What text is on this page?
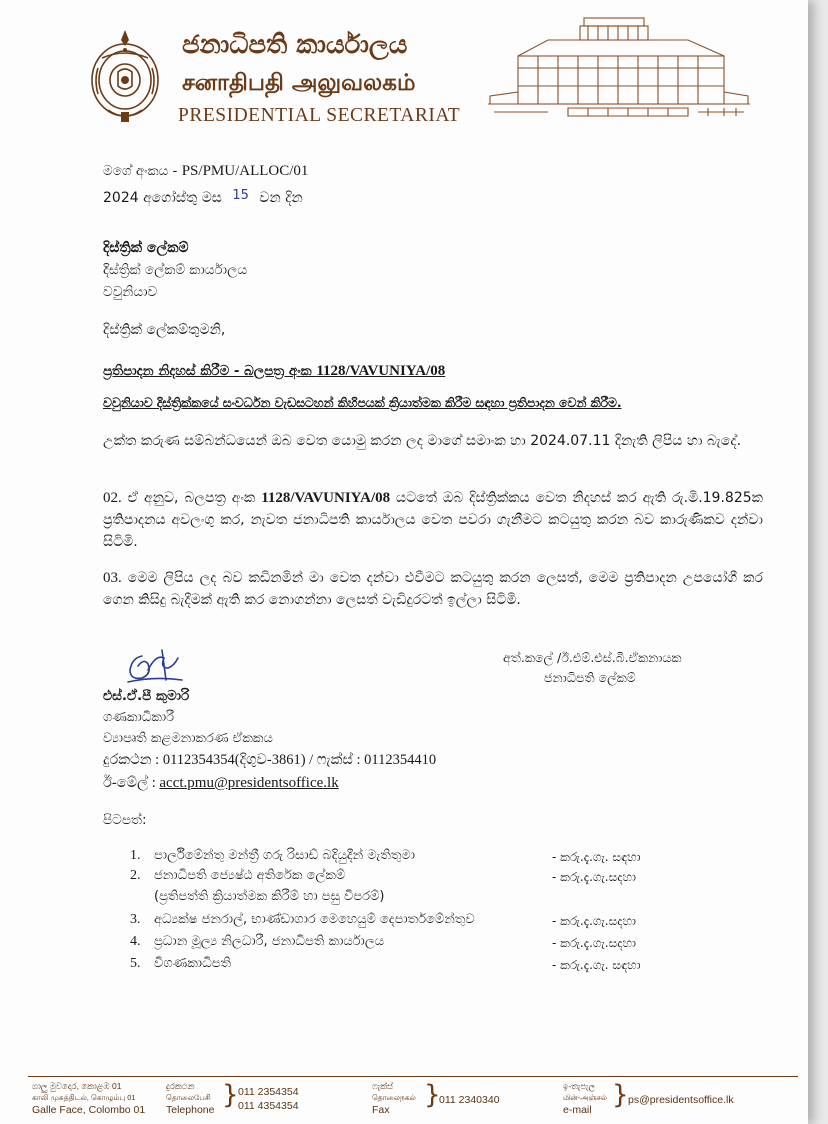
ජනාධිපති කාර්යාලය
சனாதிபதி அலுவலகம்
PRESIDENTIAL SECRETARIAT
මගේ අංකය - PS/PMU/ALLOC/01
2024 අගෝස්තු මස 15 වන දින
දිස්ත්‍රික් ලේකම්
දිස්ත්‍රික් ලේකම් කාර්යාලය
වවුනියාව
දිස්ත්‍රික් ලේකම්තුමනි,
ප්‍රතිපාදන නිදහස් කිරීම - බලපත්‍ර අංක 1128/VAVUNIYA/08
වවුනියාව දිස්ත්‍රික්කයේ සංවර්ධන වැඩසටහන් කිහිපයක් ක්‍රියාත්මක කිරීම සඳහා ප්‍රතිපාදන වෙන් කිරීම.
උක්ත කරුණ සම්බන්ධයෙන් ඔබ වෙත යොමු කරන ලද මාගේ සමාංක හා 2024.07.11 දිනැති ලිපිය හා බැදේ.
02. ඒ අනුව, බලපත්‍ර අංක 1128/VAVUNIYA/08 යටතේ ඔබ දිස්ත්‍රික්කය වෙත නිදහස් කර ඇති රු.මි.19.825ක ප්‍රතිපාදනය අවලංගු කර, නැවත ජනාධිපති කාර්යාලය වෙත පවරා ගැනීමට කටයුතු කරන බව කාරුණිකව දන්වා සිටිමි.
03. මෙම ලිපිය ලද බව කඩිනමින් මා වෙත දන්වා එවීමට කටයුතු කරන ලෙසත්, මෙම ප්‍රතිපාදන උපයෝගී කර ගෙන කිසිදු බැදීමක් ඇති කර නොගන්නා ලෙසත් වැඩිදුරටත් ඉල්ලා සිටිමි.
අත්.කලේ /ඊ.එම්.එස්.බී.ඒකනායක
ජනාධිපති ලේකම්
එස්.ඒ.පී කුමාරි
ගණකාධිකාරී
ව්‍යාපෘති කළමනාකරණ ඒකකය
දුරකථන : 0112354354(දිගුව-3861) / ෆැක්ස් : 0112354410
ඊ-මේල් : acct.pmu@presidentsoffice.lk
පිටපත්:
1. පාර්ලිමේන්තු මන්ත්‍රී ගරු රිසාඩ් බදියුදීන් මැතිතුමා	- කරු.දැ.ගැ. සඳහා
2. ජනාධිපති ජ්‍යෙෂ්ඨ අතිරේක ලේකම්	- කරු.දැ.ගැ.සදහා
(ප්‍රතිපත්ති ක්‍රියාත්මක කිරීම් හා පසු විපරම්)
3. අධ්‍යක්ෂ ජනරාල්, භාණ්ඩාගාර මෙහෙයුම් දෙපාර්තමේන්තුව	- කරු.දැ.ගැ.සදහා
4. ප්‍රධාන මූල්‍ය නිලධාරී, ජනාධිපති කාර්යාලය	- කරු.දැ.ගැ.සදහා
5. විගණකාධිපති	- කරු.දැ.ගැ. සඳහා
ගාලු මුවදොර, කොළඹ 01
காலி முகத்திடல், கொழும்பு 01
Galle Face, Colombo 01
දුරකථන
தொலைபேசி
Telephone } 011 2354354
011 4354354
ෆැක්ස්
தொலைநகல்
Fax }
011 2340340
ඉ-තැපැල
மின்-அஞ்சல்
e-mail } ps@presidentsoffice.lk
